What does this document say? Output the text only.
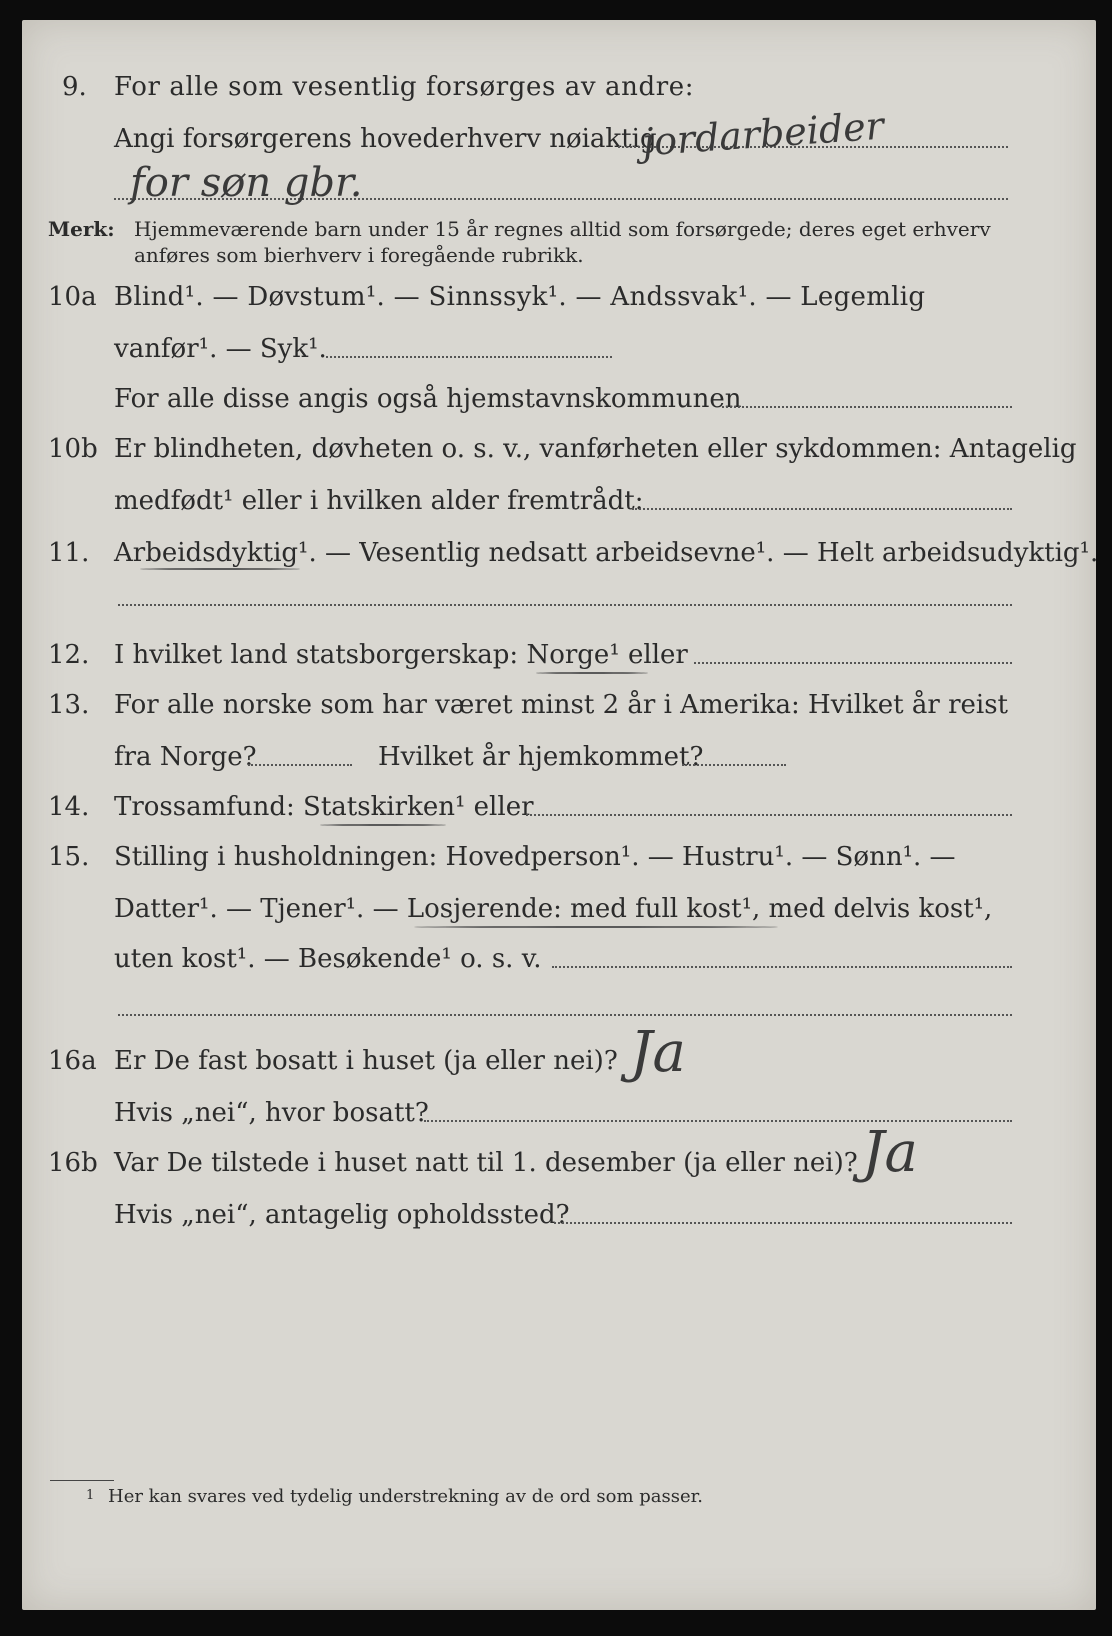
9. For alle som vesentlig forsørges av andre:
Angi forsørgerens hovederhverv nøiaktig
jordarbeider
for søn gbr.
Merk: Hjemmeværende barn under 15 år regnes alltid som forsørgede; deres eget erhverv
anføres som bierhverv i foregående rubrikk.
10a Blind¹. — Døvstum¹. — Sinnssyk¹. — Andssvak¹. — Legemlig
vanfør¹. — Syk¹.
For alle disse angis også hjemstavnskommunen
10b Er blindheten, døvheten o. s. v., vanførheten eller sykdommen: Antagelig
medfødt¹ eller i hvilken alder fremtrådt:
11. Arbeidsdyktig¹. — Vesentlig nedsatt arbeidsevne¹. — Helt arbeidsudyktig¹.
12. I hvilket land statsborgerskap: Norge¹ eller
13. For alle norske som har været minst 2 år i Amerika: Hvilket år reist
fra Norge?	Hvilket år hjemkommet?
14. Trossamfund: Statskirken¹ eller
15. Stilling i husholdningen: Hovedperson¹. — Hustru¹. — Sønn¹. —
Datter¹. — Tjener¹. — Losjerende: med full kost¹, med delvis kost¹,
uten kost¹. — Besøkende¹ o. s. v.
16a Er De fast bosatt i huset (ja eller nei)? Ja
Hvis „nei“, hvor bosatt?
16b Var De tilstede i huset natt til 1. desember (ja eller nei)? Ja
Hvis „nei“, antagelig opholdssted?
1 Her kan svares ved tydelig understrekning av de ord som passer.
